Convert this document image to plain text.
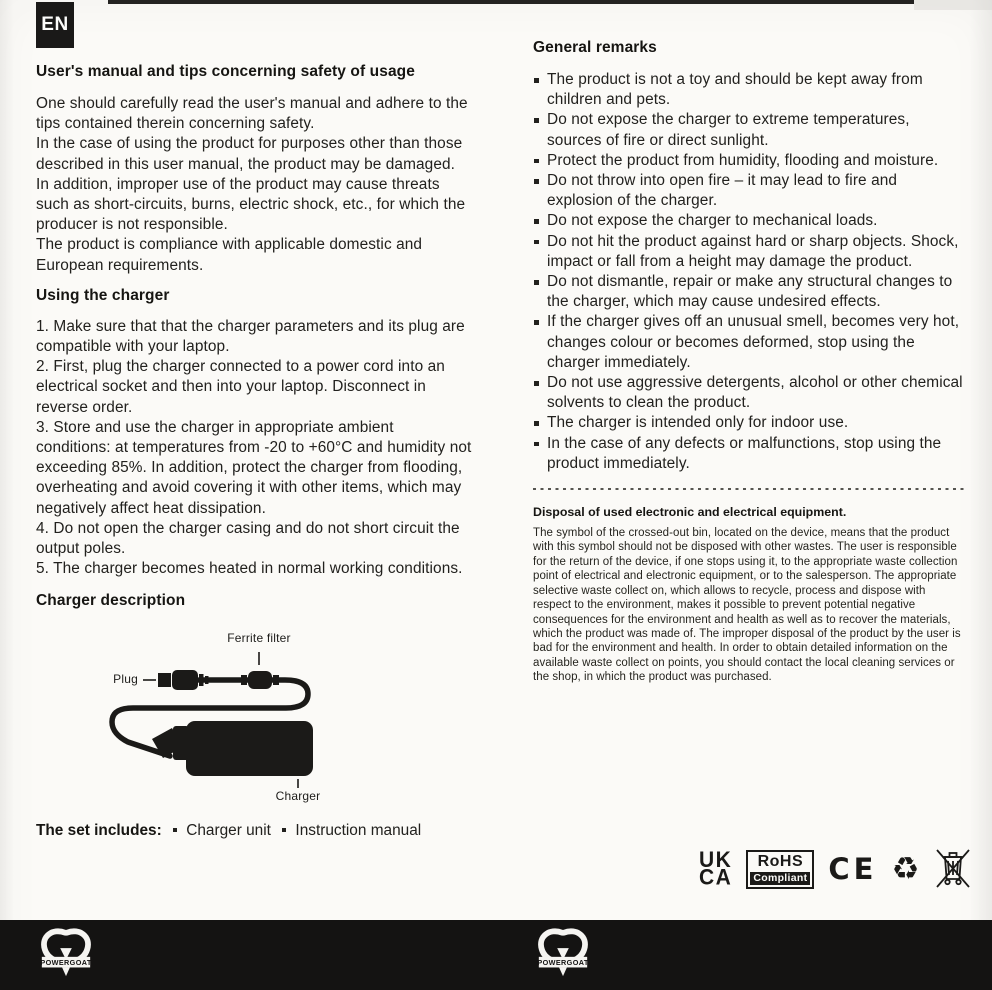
EN
User's manual and tips concerning safety of usage

One should carefully read the user's manual and adhere to the tips contained therein concerning safety.

In the case of using the product for purposes other than those described in this user manual, the product may be damaged. In addition, improper use of the product may cause threats such as short-circuits, burns, electric shock, etc., for which the producer is not responsible.

The product is compliance with applicable domestic and European requirements.

Using the charger

1. Make sure that that the charger parameters and its plug are compatible with your laptop.

2. First, plug the charger connected to a power cord into an electrical socket and then into your laptop. Disconnect in reverse order.

3. Store and use the charger in appropriate ambient conditions: at temperatures from -20 to +60°C and humidity not exceeding 85%. In addition, protect the charger from flooding, overheating and avoid covering it with other items, which may negatively affect heat dissipation.

4. Do not open the charger casing and do not short circuit the output poles.

5. The charger becomes heated in normal working conditions.

Charger description
Ferrite filter
Plug
Charger
The set includes: Charger unit Instruction manual
General remarks
The product is not a toy and should be kept away from children and pets.
Do not expose the charger to extreme temperatures, sources of fire or direct sunlight.
Protect the product from humidity, flooding and moisture.
Do not throw into open fire – it may lead to fire and explosion of the charger.
Do not expose the charger to mechanical loads.
Do not hit the product against hard or sharp objects. Shock, impact or fall from a height may damage the product.
Do not dismantle, repair or make any structural changes to the charger, which may cause undesired effects.
If the charger gives off an unusual smell, becomes very hot, changes colour or becomes deformed, stop using the charger immediately.
Do not use aggressive detergents, alcohol or other chemical solvents to clean the product.
The charger is intended only for indoor use.
In the case of any defects or malfunctions, stop using the product immediately.
Disposal of used electronic and electrical equipment.

The symbol of the crossed-out bin, located on the device, means that the product with this symbol should not be disposed with other wastes. The user is responsible for the return of the device, if one stops using it, to the appropriate waste collection point of electrical and electronic equipment, or to the salesperson. The appropriate selective waste collect on, which allows to recycle, process and dispose with respect to the environment, makes it possible to prevent potential negative consequences for the environment and health as well as to recover the materials, which the product was made of. The improper disposal of the product by the user is bad for the environment and health. In order to obtain detailed information on the available waste collect on points, you should contact the local cleaning services or the shop, in which the product was purchased.

UK
CA
RoHS
Compliant CE ♻
POWERGOAT	POWERGOAT
